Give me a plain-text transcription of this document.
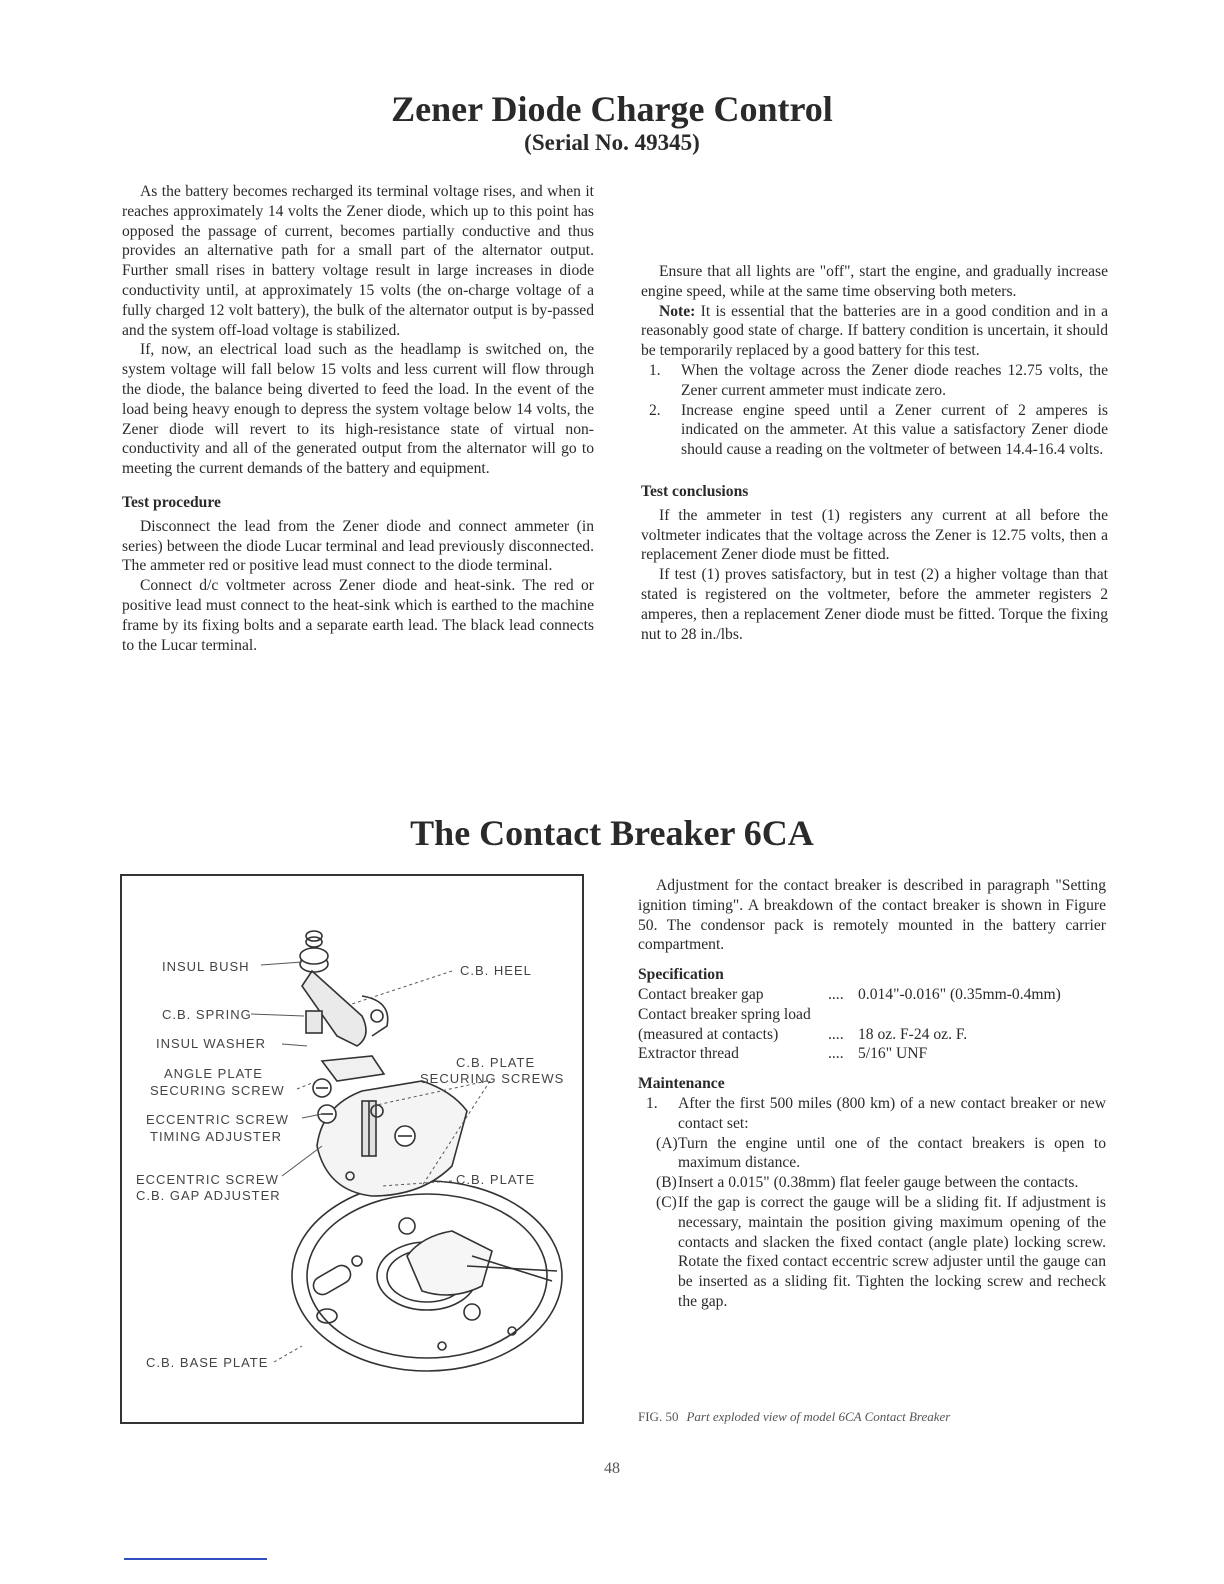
Zener Diode Charge Control
(Serial No. 49345)

As the battery becomes recharged its terminal voltage rises, and when it reaches approximately 14 volts the Zener diode, which up to this point has opposed the passage of current, becomes partially conductive and thus provides an alternative path for a small part of the alternator output. Further small rises in battery voltage result in large increases in diode conductivity until, at approximately 15 volts (the on-charge voltage of a fully charged 12 volt battery), the bulk of the alternator output is by-passed and the system off-load voltage is stabilized.

If, now, an electrical load such as the headlamp is switched on, the system voltage will fall below 15 volts and less current will flow through the diode, the balance being diverted to feed the load. In the event of the load being heavy enough to depress the system voltage below 14 volts, the Zener diode will revert to its high-resistance state of virtual non-conductivity and all of the generated output from the alternator will go to meeting the current demands of the battery and equipment.

Test procedure

Disconnect the lead from the Zener diode and connect ammeter (in series) between the diode Lucar terminal and lead previously disconnected. The ammeter red or positive lead must connect to the diode terminal.

Connect d/c voltmeter across Zener diode and heat-sink. The red or positive lead must connect to the heat-sink which is earthed to the machine frame by its fixing bolts and a separate earth lead. The black lead connects to the Lucar terminal.

Ensure that all lights are "off", start the engine, and gradually increase engine speed, while at the same time observing both meters.

Note: It is essential that the batteries are in a good condition and in a reasonably good state of charge. If battery condition is uncertain, it should be temporarily replaced by a good battery for this test.

1.	When the voltage across the Zener diode reaches 12.75 volts, the Zener current ammeter must indicate zero.
2.	Increase engine speed until a Zener current of 2 amperes is indicated on the ammeter. At this value a satisfactory Zener diode should cause a reading on the voltmeter of between 14.4-16.4 volts.
Test conclusions

If the ammeter in test (1) registers any current at all before the voltmeter indicates that the voltage across the Zener is 12.75 volts, then a replacement Zener diode must be fitted.

If test (1) proves satisfactory, but in test (2) a higher voltage than that stated is registered on the voltmeter, before the ammeter registers 2 amperes, then a replacement Zener diode must be fitted. Torque the fixing nut to 28 in./lbs.

The Contact Breaker 6CA
INSUL BUSH	C.B. HEEL
C.B. SPRING
INSUL WASHER
ANGLE PLATE
SECURING SCREW
C.B. PLATE
SECURING SCREWS
ECCENTRIC SCREW
TIMING ADJUSTER
ECCENTRIC SCREW
C.B. GAP ADJUSTER
C.B. PLATE
C.B. BASE PLATE

Adjustment for the contact breaker is described in paragraph "Setting ignition timing". A breakdown of the contact breaker is shown in Figure 50. The condensor pack is remotely mounted in the battery carrier compartment.

Specification
Contact breaker gap	.... 0.014"-0.016" (0.35mm-0.4mm)
Contact breaker spring load
(measured at contacts)	.... 18 oz. F-24 oz. F.
Extractor thread	.... 5/16" UNF
Maintenance
1.	After the first 500 miles (800 km) of a new contact breaker or new contact set:
(A) Turn the engine until one of the contact breakers is open to maximum distance.
(B) Insert a 0.015" (0.38mm) flat feeler gauge between the contacts.
(C) If the gap is correct the gauge will be a sliding fit. If adjustment is necessary, maintain the position giving maximum opening of the contacts and slacken the fixed contact (angle plate) locking screw. Rotate the fixed contact eccentric screw adjuster until the gauge can be inserted as a sliding fit. Tighten the locking screw and recheck the gap.
FIG. 50 Part exploded view of model 6CA Contact Breaker
48
